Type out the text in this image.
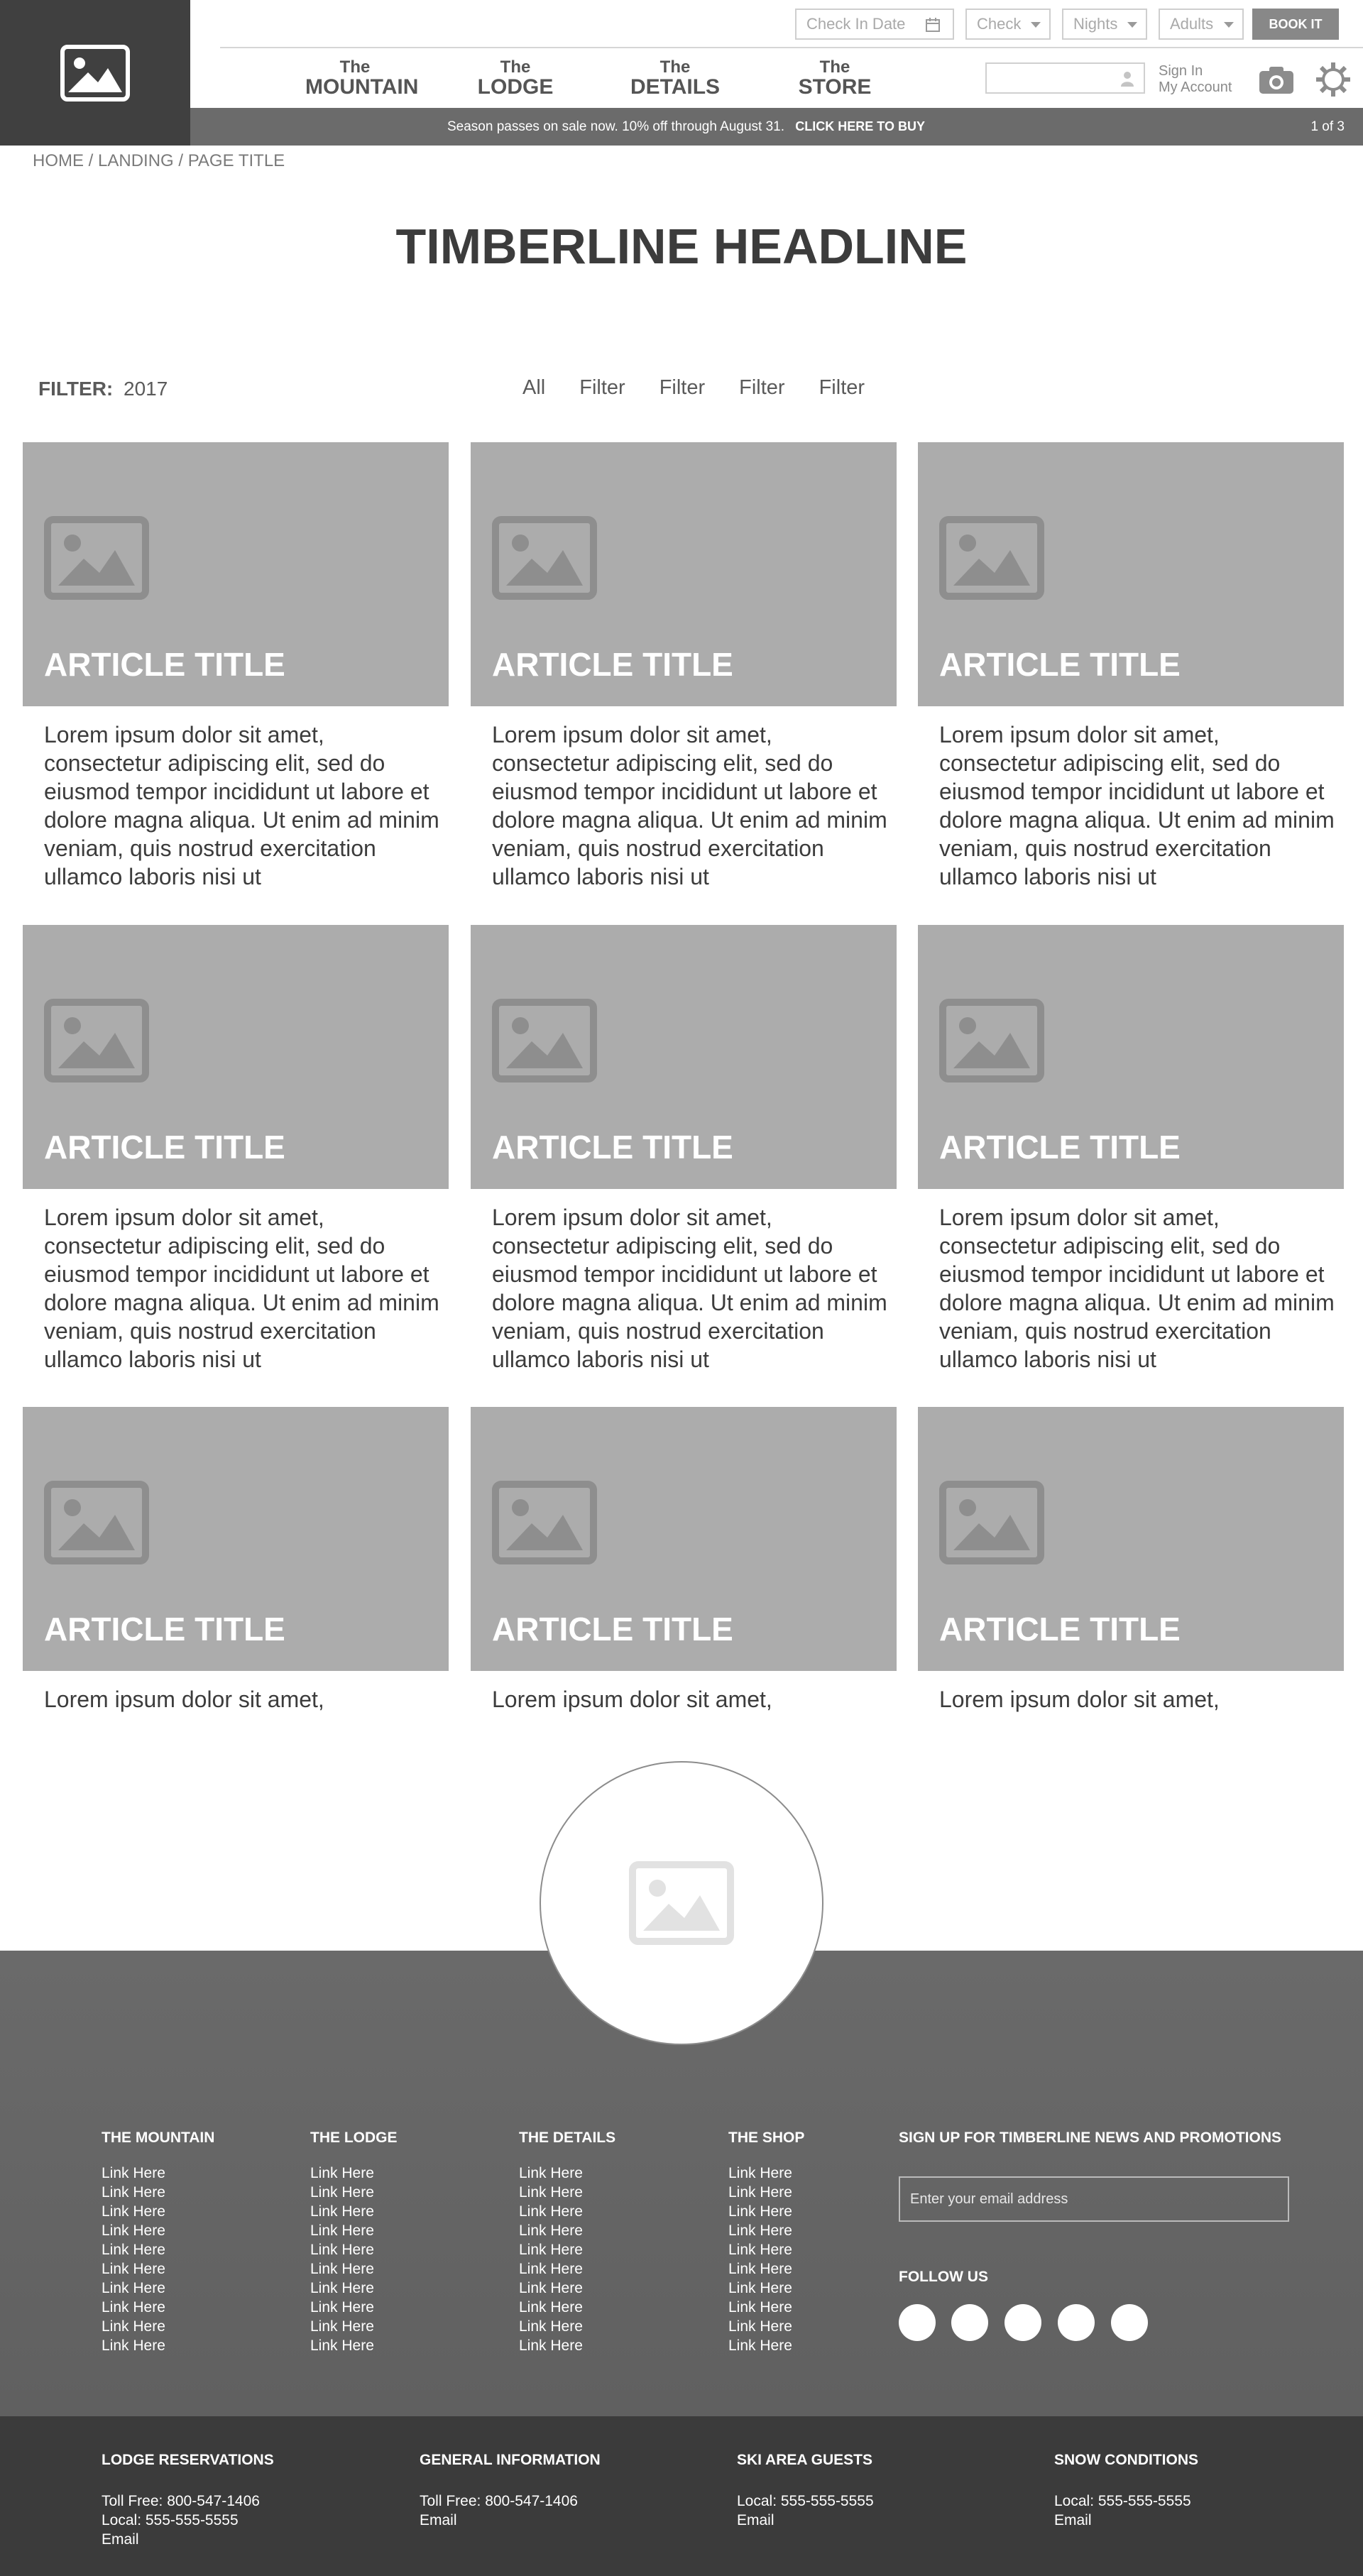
Check In Date	Check	Nights	Adults	BOOK IT
The
MOUNTAIN
The
LODGE
The
DETAILS
The
STORE
Sign In
My Account
Season passes on sale now. 10% off through August 31. CLICK HERE TO BUY	1 of 3
HOME / LANDING / PAGE TITLE
TIMBERLINE HEADLINE
FILTER: 2017	All Filter Filter Filter Filter
ARTICLE TITLE
Lorem ipsum dolor sit amet, consectetur adipiscing elit, sed do eiusmod tempor incididunt ut labore et dolore magna aliqua. Ut enim ad minim veniam, quis nostrud exercitation ullamco laboris nisi ut
ARTICLE TITLE
Lorem ipsum dolor sit amet, consectetur adipiscing elit, sed do eiusmod tempor incididunt ut labore et dolore magna aliqua. Ut enim ad minim veniam, quis nostrud exercitation ullamco laboris nisi ut
ARTICLE TITLE
Lorem ipsum dolor sit amet, consectetur adipiscing elit, sed do eiusmod tempor incididunt ut labore et dolore magna aliqua. Ut enim ad minim veniam, quis nostrud exercitation ullamco laboris nisi ut
ARTICLE TITLE
Lorem ipsum dolor sit amet, consectetur adipiscing elit, sed do eiusmod tempor incididunt ut labore et dolore magna aliqua. Ut enim ad minim veniam, quis nostrud exercitation ullamco laboris nisi ut
ARTICLE TITLE
Lorem ipsum dolor sit amet, consectetur adipiscing elit, sed do eiusmod tempor incididunt ut labore et dolore magna aliqua. Ut enim ad minim veniam, quis nostrud exercitation ullamco laboris nisi ut
ARTICLE TITLE
Lorem ipsum dolor sit amet, consectetur adipiscing elit, sed do eiusmod tempor incididunt ut labore et dolore magna aliqua. Ut enim ad minim veniam, quis nostrud exercitation ullamco laboris nisi ut
ARTICLE TITLE
Lorem ipsum dolor sit amet,
ARTICLE TITLE
Lorem ipsum dolor sit amet,
ARTICLE TITLE
Lorem ipsum dolor sit amet,
THE MOUNTAIN
Link Here
Link Here
Link Here
Link Here
Link Here
Link Here
Link Here
Link Here
Link Here
Link Here
THE LODGE
Link Here
Link Here
Link Here
Link Here
Link Here
Link Here
Link Here
Link Here
Link Here
Link Here
THE DETAILS
Link Here
Link Here
Link Here
Link Here
Link Here
Link Here
Link Here
Link Here
Link Here
Link Here
THE SHOP
Link Here
Link Here
Link Here
Link Here
Link Here
Link Here
Link Here
Link Here
Link Here
Link Here
SIGN UP FOR TIMBERLINE NEWS AND PROMOTIONS
Enter your email address
FOLLOW US
LODGE RESERVATIONS

Toll Free: 800-547-1406

Local: 555-555-5555

Email

GENERAL INFORMATION

Toll Free: 800-547-1406

Email

SKI AREA GUESTS

Local: 555-555-5555

Email

SNOW CONDITIONS

Local: 555-555-5555

Email
